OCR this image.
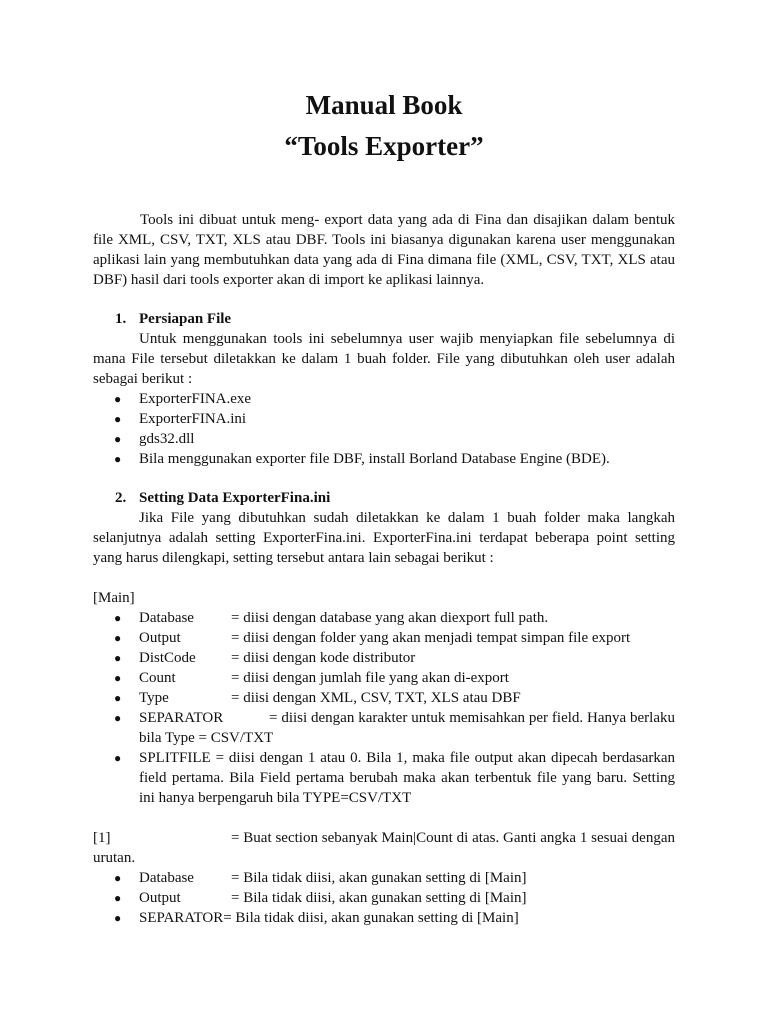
Manual Book
“Tools Exporter”

Tools ini dibuat untuk meng- export data yang ada di Fina dan disajikan dalam bentuk file XML, CSV, TXT, XLS atau DBF. Tools ini biasanya digunakan karena user menggunakan aplikasi lain yang membutuhkan data yang ada di Fina dimana file (XML, CSV, TXT, XLS atau DBF) hasil dari tools exporter akan di import ke aplikasi lainnya.

1. Persiapan File
Untuk menggunakan tools ini sebelumnya user wajib menyiapkan file sebelumnya di mana File tersebut diletakkan ke dalam 1 buah folder. File yang dibutuhkan oleh user adalah sebagai berikut :
● ExporterFINA.exe
● ExporterFINA.ini
● gds32.dll
● Bila menggunakan exporter file DBF, install Borland Database Engine (BDE).
2. Setting Data ExporterFina.ini
Jika File yang dibutuhkan sudah diletakkan ke dalam 1 buah folder maka langkah selanjutnya adalah setting ExporterFina.ini. ExporterFina.ini terdapat beberapa point setting yang harus dilengkapi, setting tersebut antara lain sebagai berikut :
[Main]
● Database = diisi dengan database yang akan diexport full path.
● Output	= diisi dengan folder yang akan menjadi tempat simpan file export
● DistCode = diisi dengan kode distributor
● Count	= diisi dengan jumlah file yang akan di-export
● Type	= diisi dengan XML, CSV, TXT, XLS atau DBF
● SEPARATOR	= diisi dengan karakter untuk memisahkan per field. Hanya berlaku bila Type = CSV/TXT
● SPLITFILE = diisi dengan 1 atau 0. Bila 1, maka file output akan dipecah berdasarkan field pertama. Bila Field pertama berubah maka akan terbentuk file yang baru. Setting ini hanya berpengaruh bila TYPE=CSV/TXT
[1]	= Buat section sebanyak Main|Count di atas. Ganti angka 1 sesuai dengan urutan.
● Database = Bila tidak diisi, akan gunakan setting di [Main]
● Output	= Bila tidak diisi, akan gunakan setting di [Main]
● SEPARATOR= Bila tidak diisi, akan gunakan setting di [Main]
